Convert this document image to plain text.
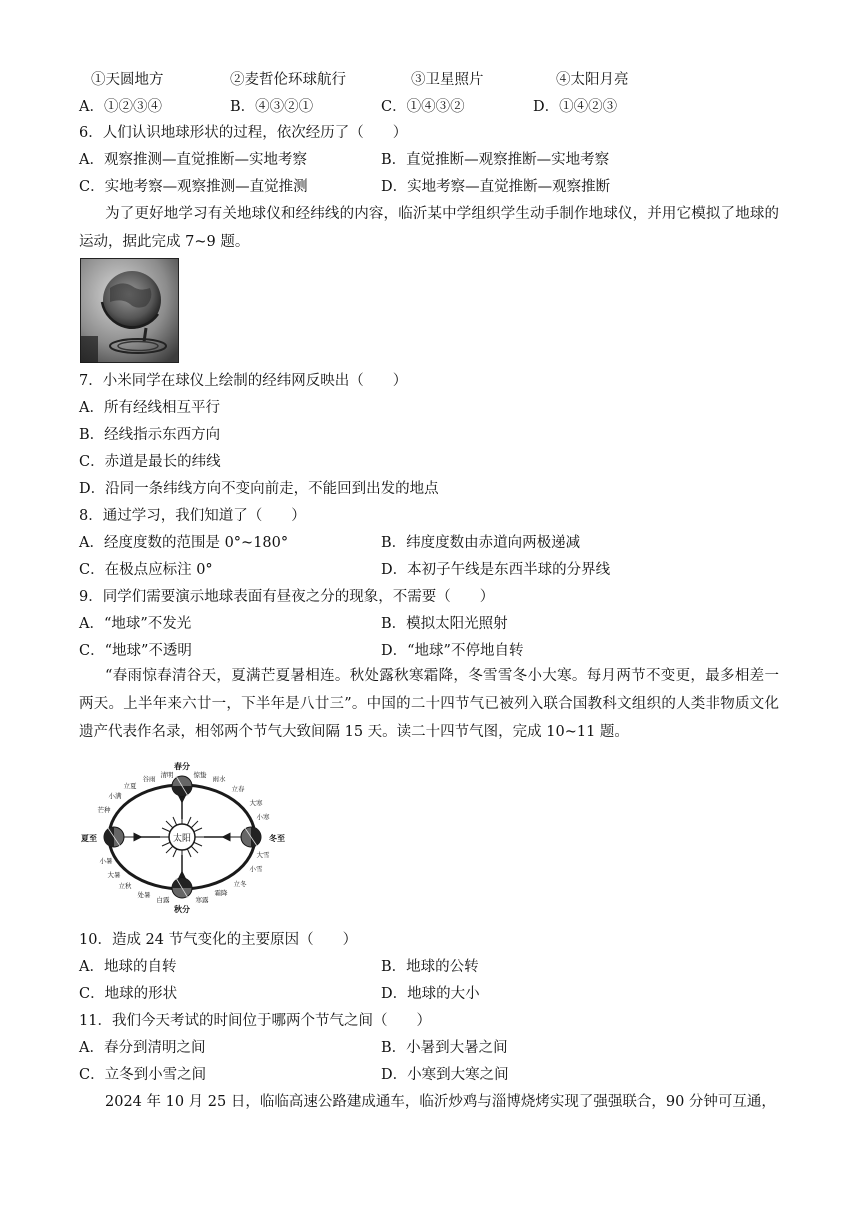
①天圆地方	②麦哲伦环球航行	③卫星照片	④太阳月亮
A．①②③④	B．④③②①	C．①④③②	D．①④②③
6．人们认识地球形状的过程，依次经历了（　　）
A．观察推测—直觉推断—实地考察	B．直觉推断—观察推断—实地考察
C．实地考察—观察推测—直觉推测	D．实地考察—直觉推断—观察推断
为了更好地学习有关地球仪和经纬线的内容，临沂某中学组织学生动手制作地球仪，并用它模拟了地球的运动，据此完成 7~9 题。
7．小米同学在球仪上绘制的经纬网反映出（　　）
A．所有经线相互平行
B．经线指示东西方向
C．赤道是最长的纬线
D．沿同一条纬线方向不变向前走，不能回到出发的地点
8．通过学习，我们知道了（　　）
A．经度度数的范围是 0°~180°	B．纬度度数由赤道向两极递减
C．在极点应标注 0°	D．本初子午线是东西半球的分界线
9．同学们需要演示地球表面有昼夜之分的现象，不需要（　　）
A．“地球”不发光	B．模拟太阳光照射
C．“地球”不透明	D．“地球”不停地自转
“春雨惊春清谷天，夏满芒夏暑相连。秋处露秋寒霜降，冬雪雪冬小大寒。每月两节不变更，最多相差一两天。上半年来六廿一，下半年是八廿三”。中国的二十四节气已被列入联合国教科文组织的人类非物质文化遗产代表作名录，相邻两个节气大致间隔 15 天。读二十四节气图，完成 10~11 题。
太阳
春分
夏至	冬至
秋分
谷雨 清明	惊蛰 雨水
立春
大寒
小寒
大雪
小雪
立冬
霜降
寒露
白露
处暑
立秋
大暑
小暑
芒种
小满
立夏
10．造成 24 节气变化的主要原因（　　）
A．地球的自转	B．地球的公转
C．地球的形状	D．地球的大小
11．我们今天考试的时间位于哪两个节气之间（　　）
A．春分到清明之间	B．小暑到大暑之间
C．立冬到小雪之间	D．小寒到大寒之间
2024 年 10 月 25 日，临临高速公路建成通车，临沂炒鸡与淄博烧烤实现了强强联合，90 分钟可互通，
